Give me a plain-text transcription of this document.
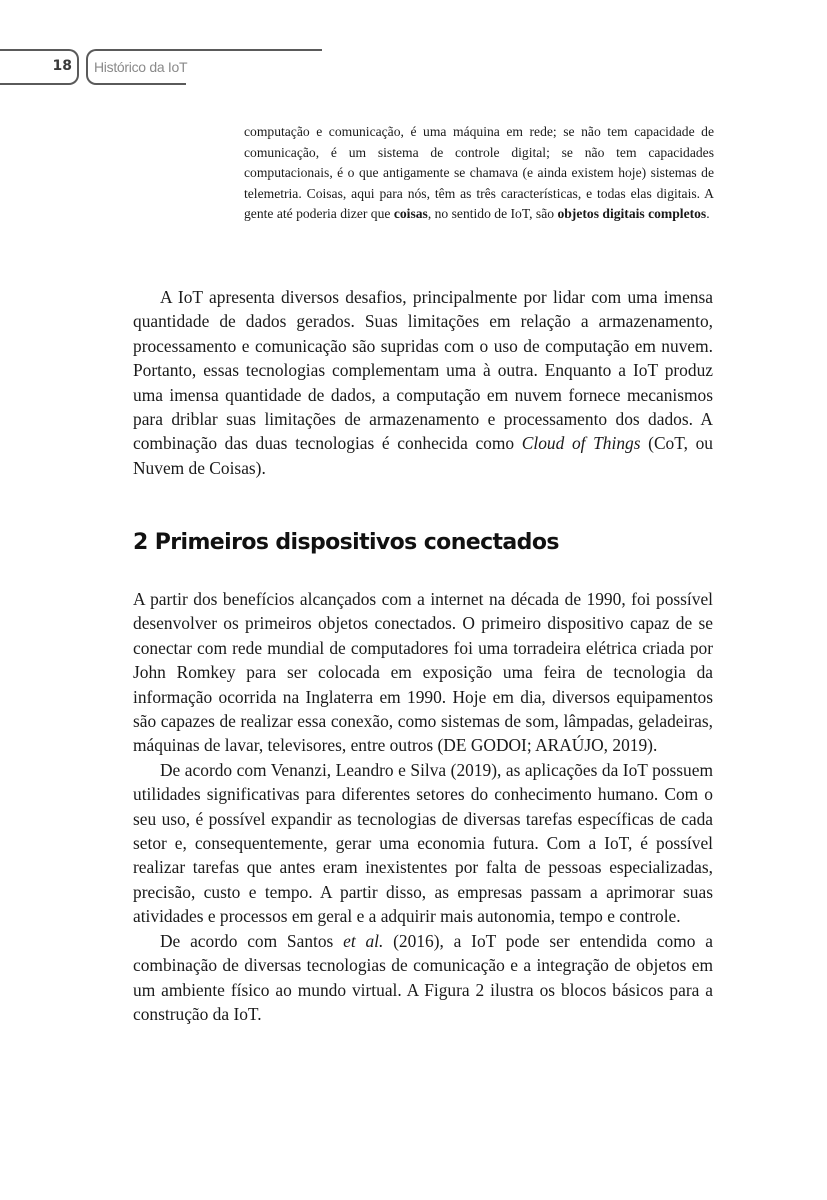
18 Histórico da IoT
computação e comunicação, é uma máquina em rede; se não tem capacidade de comunicação, é um sistema de controle digital; se não tem capacidades computacionais, é o que antigamente se chamava (e ainda existem hoje) sistemas de telemetria. Coisas, aqui para nós, têm as três características, e todas elas digitais. A gente até poderia dizer que coisas, no sentido de IoT, são objetos digitais completos.

A IoT apresenta diversos desafios, principalmente por lidar com uma imensa quantidade de dados gerados. Suas limitações em relação a armazenamento, processamento e comunicação são supridas com o uso de computação em nuvem. Portanto, essas tecnologias complementam uma à outra. Enquanto a IoT produz uma imensa quantidade de dados, a computação em nuvem fornece mecanismos para driblar suas limitações de armazenamento e processamento dos dados. A combinação das duas tecnologias é conhecida como Cloud of Things (CoT, ou Nuvem de Coisas).

2 Primeiros dispositivos conectados

A partir dos benefícios alcançados com a internet na década de 1990, foi possível desenvolver os primeiros objetos conectados. O primeiro dispositivo capaz de se conectar com rede mundial de computadores foi uma torradeira elétrica criada por John Romkey para ser colocada em exposição uma feira de tecnologia da informação ocorrida na Inglaterra em 1990. Hoje em dia, diversos equipamentos são capazes de realizar essa conexão, como sistemas de som, lâmpadas, geladeiras, máquinas de lavar, televisores, entre outros (DE GODOI; ARAÚJO, 2019).

De acordo com Venanzi, Leandro e Silva (2019), as aplicações da IoT possuem utilidades significativas para diferentes setores do conhecimento humano. Com o seu uso, é possível expandir as tecnologias de diversas tarefas específicas de cada setor e, consequentemente, gerar uma economia futura. Com a IoT, é possível realizar tarefas que antes eram inexistentes por falta de pessoas especializadas, precisão, custo e tempo. A partir disso, as empresas passam a aprimorar suas atividades e processos em geral e a adquirir mais autonomia, tempo e controle.

De acordo com Santos et al. (2016), a IoT pode ser entendida como a combinação de diversas tecnologias de comunicação e a integração de objetos em um ambiente físico ao mundo virtual. A Figura 2 ilustra os blocos básicos para a construção da IoT.
